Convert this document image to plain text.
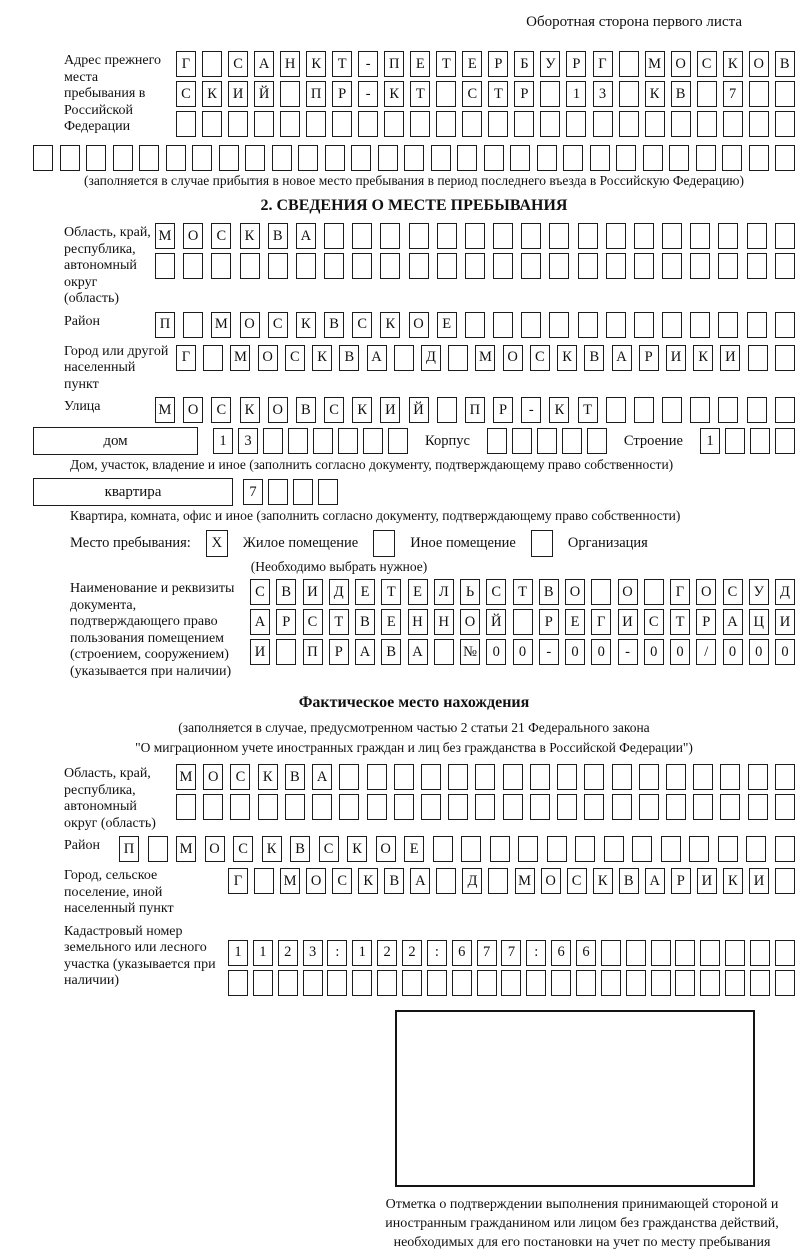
Оборотная сторона первого листа
Адрес прежнего места пребывания в Российской Федерации
Г	С	А	Н	К	Т	-	П	Е	Т	Е	Р	Б	У	Р	Г	М О	С	К	О	В
С	К	И	Й	П	Р	-	К	Т	С	Т	Р	1	3	К	В	7
(заполняется в случае прибытия в новое место пребывания в период последнего въезда в Российскую Федерацию)
2. СВЕДЕНИЯ О МЕСТЕ ПРЕБЫВАНИЯ
Область, край, республика, автономный округ (область)
М	О	С	К	В	А
Район	П	М	О	С	К	В	С	К	О	Е
Город или другой населенный пункт
Г	М	О	С	К	В	А	Д	М	О	С	К	В	А	Р	И	К	И
Улица	М	О	С	К	О	В	С	К	И	Й	П	Р	-	К	Т
дом	1	3	Корпус	Строение	1
Дом, участок, владение и иное (заполнить согласно документу, подтверждающему право собственности)
квартира	7
Квартира, комната, офис и иное (заполнить согласно документу, подтверждающему право собственности)
Место пребывания:	X	Жилое помещение	Иное помещение	Организация
(Необходимо выбрать нужное)
Наименование и реквизиты документа, подтверждающего право пользования помещением (строением, сооружением) (указывается при наличии)
С	В	И	Д	Е	Т	Е	Л	Ь	С	Т	В	О	О	Г	О	С	У	Д
А	Р	С	Т	В	Е	Н	Н	О	Й	Р	Е	Г	И	С	Т	Р	А	Ц	И
И	П	Р	А	В	А	№	0	0	-	0	0	-	0	0	/	0	0	0
Фактическое место нахождения
(заполняется в случае, предусмотренном частью 2 статьи 21 Федерального закона
"О миграционном учете иностранных граждан и лиц без гражданства в Российской Федерации")
Область, край, республика, автономный округ (область)
М	О	С	К	В	А
Район	П	М	О	С	К	В	С	К	О	Е
Город, сельское поселение, иной населенный пункт
Г	М О	С	К	В	А	Д	М О	С	К	В	А	Р	И	К	И
Кадастровый номер земельного или лесного участка (указывается при наличии)
1	1	2	3	:	1	2	2	:	6	7	7	:	6	6
Отметка о подтверждении выполнения принимающей стороной и иностранным гражданином или лицом без гражданства действий, необходимых для его постановки на учет по месту пребывания
